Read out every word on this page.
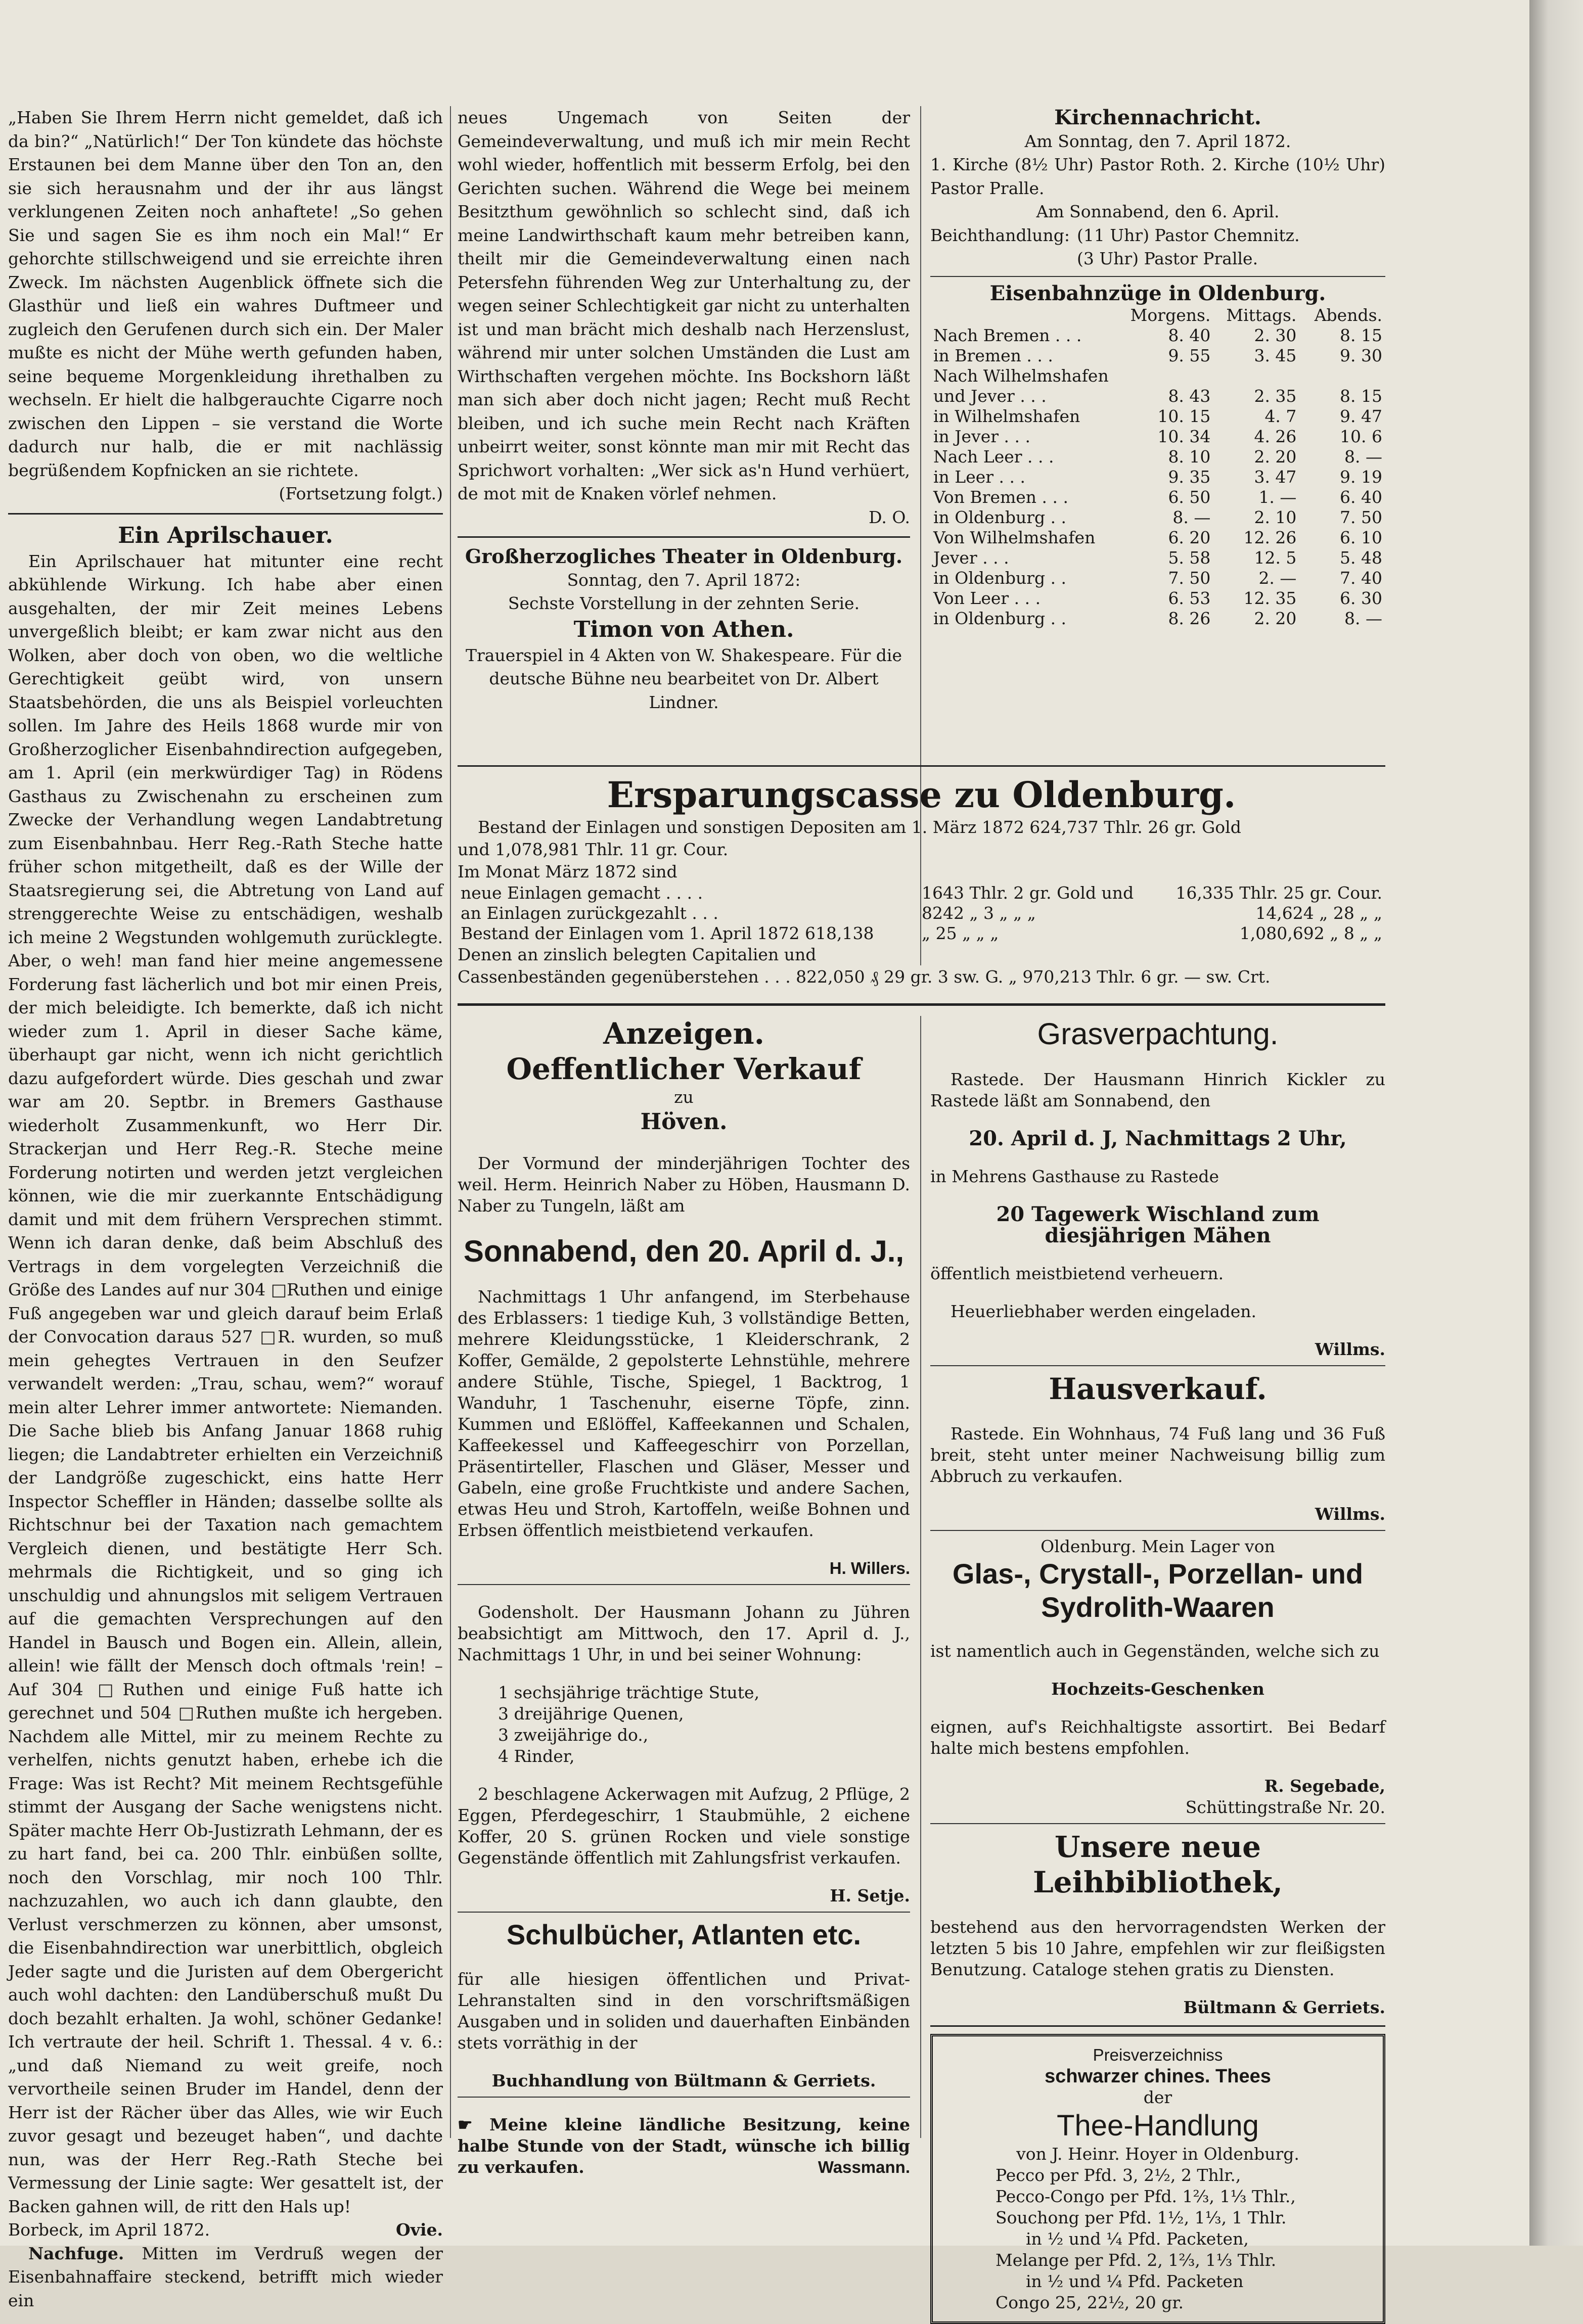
„Haben Sie Ihrem Herrn nicht gemeldet, daß ich da bin?“ „Natürlich!“ Der Ton kündete das höchste Erstaunen bei dem Manne über den Ton an, den sie sich herausnahm und der ihr aus längst verklungenen Zeiten noch anhaftete! „So gehen Sie und sagen Sie es ihm noch ein Mal!“ Er gehorchte stillschweigend und sie erreichte ihren Zweck. Im nächsten Augenblick öffnete sich die Glasthür und ließ ein wahres Duftmeer und zugleich den Gerufenen durch sich ein. Der Maler mußte es nicht der Mühe werth gefunden haben, seine bequeme Morgenkleidung ihrethalben zu wechseln. Er hielt die halbgerauchte Cigarre noch zwischen den Lippen – sie verstand die Worte dadurch nur halb, die er mit nachlässig begrüßendem Kopfnicken an sie richtete.

(Fortsetzung folgt.)

Ein Aprilschauer.

Ein Aprilschauer hat mitunter eine recht abkühlende Wirkung. Ich habe aber einen ausgehalten, der mir Zeit meines Lebens unvergeßlich bleibt; er kam zwar nicht aus den Wolken, aber doch von oben, wo die weltliche Gerechtigkeit geübt wird, von unsern Staatsbehörden, die uns als Beispiel vorleuchten sollen. Im Jahre des Heils 1868 wurde mir von Großherzoglicher Eisenbahndirection aufgegeben, am 1. April (ein merkwürdiger Tag) in Rödens Gasthaus zu Zwischenahn zu erscheinen zum Zwecke der Verhandlung wegen Landabtretung zum Eisenbahnbau. Herr Reg.-Rath Steche hatte früher schon mitgetheilt, daß es der Wille der Staatsregierung sei, die Abtretung von Land auf strenggerechte Weise zu entschädigen, weshalb ich meine 2 Wegstunden wohlgemuth zurücklegte. Aber, o weh! man fand hier meine angemessene Forderung fast lächerlich und bot mir einen Preis, der mich beleidigte. Ich bemerkte, daß ich nicht wieder zum 1. April in dieser Sache käme, überhaupt gar nicht, wenn ich nicht gerichtlich dazu aufgefordert würde. Dies geschah und zwar war am 20. Septbr. in Bremers Gasthause wiederholt Zusammenkunft, wo Herr Dir. Strackerjan und Herr Reg.-R. Steche meine Forderung notirten und werden jetzt vergleichen können, wie die mir zuerkannte Entschädigung damit und mit dem frühern Versprechen stimmt. Wenn ich daran denke, daß beim Abschluß des Vertrags in dem vorgelegten Verzeichniß die Größe des Landes auf nur 304 □Ruthen und einige Fuß angegeben war und gleich darauf beim Erlaß der Convocation daraus 527 □R. wurden, so muß mein gehegtes Vertrauen in den Seufzer verwandelt werden: „Trau, schau, wem?“ worauf mein alter Lehrer immer antwortete: Niemanden. Die Sache blieb bis Anfang Januar 1868 ruhig liegen; die Landabtreter erhielten ein Verzeichniß der Landgröße zugeschickt, eins hatte Herr Inspector Scheffler in Händen; dasselbe sollte als Richtschnur bei der Taxation nach gemachtem Vergleich dienen, und bestätigte Herr Sch. mehrmals die Richtigkeit, und so ging ich unschuldig und ahnungslos mit seligem Vertrauen auf die gemachten Versprechungen auf den Handel in Bausch und Bogen ein. Allein, allein, allein! wie fällt der Mensch doch oftmals 'rein! – Auf 304 □Ruthen und einige Fuß hatte ich gerechnet und 504 □Ruthen mußte ich hergeben. Nachdem alle Mittel, mir zu meinem Rechte zu verhelfen, nichts genutzt haben, erhebe ich die Frage: Was ist Recht? Mit meinem Rechtsgefühle stimmt der Ausgang der Sache wenigstens nicht. Später machte Herr Ob-Justizrath Lehmann, der es zu hart fand, bei ca. 200 Thlr. einbüßen sollte, noch den Vorschlag, mir noch 100 Thlr. nachzuzahlen, wo auch ich dann glaubte, den Verlust verschmerzen zu können, aber umsonst, die Eisenbahndirection war unerbittlich, obgleich Jeder sagte und die Juristen auf dem Obergericht auch wohl dachten: den Landüberschuß mußt Du doch bezahlt erhalten. Ja wohl, schöner Gedanke! Ich vertraute der heil. Schrift 1. Thessal. 4 v. 6.: „und daß Niemand zu weit greife, noch vervortheile seinen Bruder im Handel, denn der Herr ist der Rächer über das Alles, wie wir Euch zuvor gesagt und bezeuget haben“, und dachte nun, was der Herr Reg.-Rath Steche bei Vermessung der Linie sagte: Wer gesattelt ist, der Backen gahnen will, de ritt den Hals up!

Borbeck, im April 1872.	Ovie.

Nachfuge. Mitten im Verdruß wegen der Eisenbahnaffaire steckend, betrifft mich wieder ein

neues Ungemach von Seiten der Gemeindeverwaltung, und muß ich mir mein Recht wohl wieder, hoffentlich mit besserm Erfolg, bei den Gerichten suchen. Während die Wege bei meinem Besitzthum gewöhnlich so schlecht sind, daß ich meine Landwirthschaft kaum mehr betreiben kann, theilt mir die Gemeindeverwaltung einen nach Petersfehn führenden Weg zur Unterhaltung zu, der wegen seiner Schlechtigkeit gar nicht zu unterhalten ist und man brächt mich deshalb nach Herzenslust, während mir unter solchen Umständen die Lust am Wirthschaften vergehen möchte. Ins Bockshorn läßt man sich aber doch nicht jagen; Recht muß Recht bleiben, und ich suche mein Recht nach Kräften unbeirrt weiter, sonst könnte man mir mit Recht das Sprichwort vorhalten: „Wer sick as'n Hund verhüert, de mot mit de Knaken vörlef nehmen.

D. O.

Großherzogliches Theater in Oldenburg.
Sonntag, den 7. April 1872:
Sechste Vorstellung in der zehnten Serie.
Timon von Athen.

Trauerspiel in 4 Akten von W. Shakespeare. Für die deutsche Bühne neu bearbeitet von Dr. Albert Lindner.

Kirchennachricht.
Am Sonntag, den 7. April 1872.

1. Kirche (8½ Uhr) Pastor Roth. 2. Kirche (10½ Uhr) Pastor Pralle.

Am Sonnabend, den 6. April.
Beichthandlung: (11 Uhr) Pastor Chemnitz.
(3 Uhr) Pastor Pralle.
Eisenbahnzüge in Oldenburg.
	Morgens.	Mittags.	Abends.
Nach Bremen . . .	8. 40	2. 30	8. 15
in Bremen . . .	9. 55	3. 45	9. 30
Nach Wilhelmshafen			
und Jever . . .	8. 43	2. 35	8. 15
in Wilhelmshafen	10. 15	4. 7	9. 47
in Jever . . .	10. 34	4. 26	10. 6
Nach Leer . . .	8. 10	2. 20	8. —
in Leer . . .	9. 35	3. 47	9. 19
Von Bremen . . .	6. 50	1. —	6. 40
in Oldenburg . .	8. —	2. 10	7. 50
Von Wilhelmshafen	6. 20	12. 26	6. 10
Jever . . .	5. 58	12. 5	5. 48
in Oldenburg . .	7. 50	2. —	7. 40
Von Leer . . .	6. 53	12. 35	6. 30
in Oldenburg . .	8. 26	2. 20	8. —
Ersparungscasse zu Oldenburg.
Bestand der Einlagen und sonstigen Depositen am 1. März 1872 624,737 Thlr. 26 gr. Gold
und 1,078,981 Thlr. 11 gr. Cour.
Im Monat März 1872 sind
neue Einlagen gemacht . . . .	1643 Thlr. 2 gr. Gold und	16,335 Thlr. 25 gr. Cour.
an Einlagen zurückgezahlt . . .	8242 „ 3 „ „ „	14,624 „ 28 „ „
Bestand der Einlagen vom 1. April 1872 618,138	„ 25 „ „ „	1,080,692 „ 8 „ „
Denen an zinslich belegten Capitalien und
Cassenbeständen gegenüberstehen . . . 822,050 ₰ 29 gr. 3 sw. G. „ 970,213 Thlr. 6 gr. — sw. Crt.
Anzeigen.
Oeffentlicher Verkauf
zu
Höven.

Der Vormund der minderjährigen Tochter des weil. Herm. Heinrich Naber zu Höben, Hausmann D. Naber zu Tungeln, läßt am

Sonnabend, den 20. April d. J.,

Nachmittags 1 Uhr anfangend, im Sterbehause des Erblassers: 1 tiedige Kuh, 3 vollständige Betten, mehrere Kleidungsstücke, 1 Kleiderschrank, 2 Koffer, Gemälde, 2 gepolsterte Lehnstühle, mehrere andere Stühle, Tische, Spiegel, 1 Backtrog, 1 Wanduhr, 1 Taschenuhr, eiserne Töpfe, zinn. Kummen und Eßlöffel, Kaffeekannen und Schalen, Kaffeekessel und Kaffeegeschirr von Porzellan, Präsentirteller, Flaschen und Gläser, Messer und Gabeln, eine große Fruchtkiste und andere Sachen, etwas Heu und Stroh, Kartoffeln, weiße Bohnen und Erbsen öffentlich meistbietend verkaufen.

H. Willers.

Godensholt. Der Hausmann Johann zu Jühren beabsichtigt am Mittwoch, den 17. April d. J., Nachmittags 1 Uhr, in und bei seiner Wohnung:

1 sechsjährige trächtige Stute,
3 dreijährige Quenen,
3 zweijährige do.,
4 Rinder,

2 beschlagene Ackerwagen mit Aufzug, 2 Pflüge, 2 Eggen, Pferdegeschirr, 1 Staubmühle, 2 eichene Koffer, 20 S. grünen Rocken und viele sonstige Gegenstände öffentlich mit Zahlungsfrist verkaufen.

H. Setje.
Schulbücher, Atlanten etc.

für alle hiesigen öffentlichen und Privat-Lehranstalten sind in den vorschriftsmäßigen Ausgaben und in soliden und dauerhaften Einbänden stets vorräthig in der

Buchhandlung von Bültmann & Gerriets.

☛ Meine kleine ländliche Besitzung, keine halbe Stunde von der Stadt, wünsche ich billig zu verkaufen.	Wassmann.

Grasverpachtung.

Rastede. Der Hausmann Hinrich Kickler zu Rastede läßt am Sonnabend, den

20. April d. J, Nachmittags 2 Uhr,

in Mehrens Gasthause zu Rastede

20 Tagewerk Wischland zum diesjährigen Mähen

öffentlich meistbietend verheuern.

Heuerliebhaber werden eingeladen.

Willms.
Hausverkauf.

Rastede. Ein Wohnhaus, 74 Fuß lang und 36 Fuß breit, steht unter meiner Nachweisung billig zum Abbruch zu verkaufen.

Willms.
Oldenburg. Mein Lager von
Glas-, Crystall-, Porzellan- und Sydrolith-Waaren

ist namentlich auch in Gegenständen, welche sich zu

Hochzeits-Geschenken

eignen, auf's Reichhaltigste assortirt. Bei Bedarf halte mich bestens empfohlen.

R. Segebade,
Schüttingstraße Nr. 20.
Unsere neue Leihbibliothek,

bestehend aus den hervorragendsten Werken der letzten 5 bis 10 Jahre, empfehlen wir zur fleißigsten Benutzung. Cataloge stehen gratis zu Diensten.

Bültmann & Gerriets.
Preisverzeichniss
schwarzer chines. Thees
der
Thee-Handlung
von J. Heinr. Hoyer in Oldenburg.
Pecco per Pfd. 3, 2½, 2 Thlr.,
Pecco-Congo per Pfd. 1⅔, 1⅓ Thlr.,
Souchong per Pfd. 1½, 1⅓, 1 Thlr.
in ½ und ¼ Pfd. Packeten,
Melange per Pfd. 2, 1⅔, 1⅓ Thlr.
in ½ und ¼ Pfd. Packeten
Congo 25, 22½, 20 gr.
